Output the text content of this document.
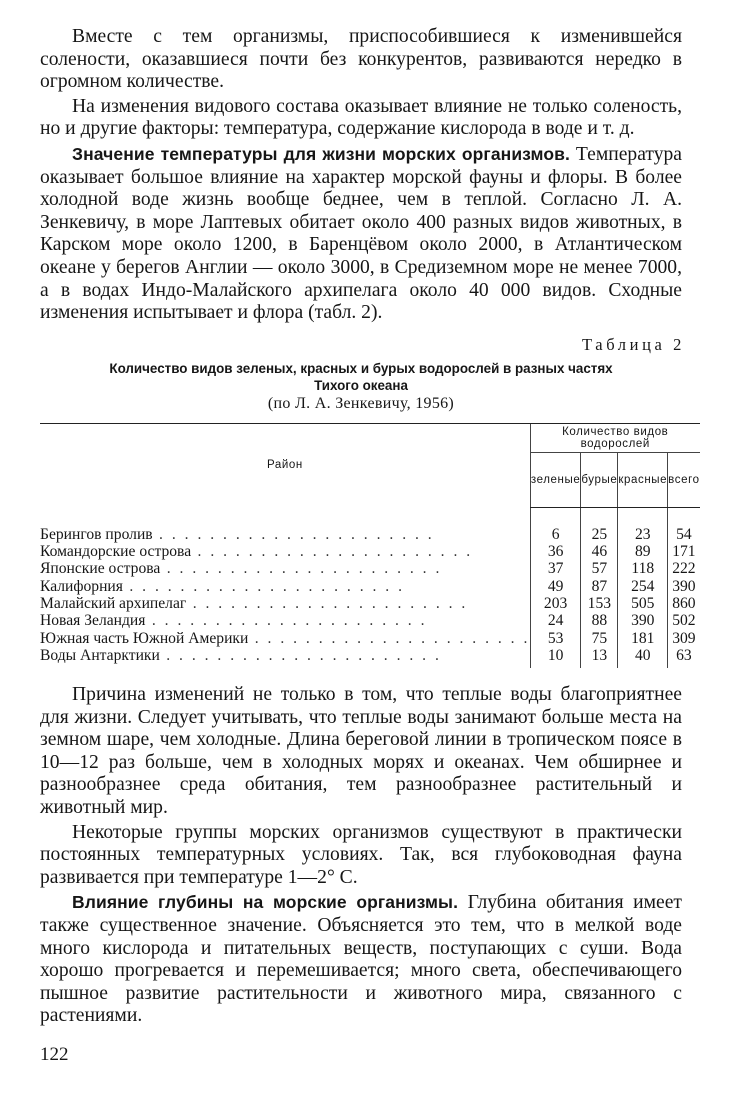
Вместе с тем организмы, приспособившиеся к изменившейся солености, оказавшиеся почти без конкурентов, развиваются нередко в огромном количестве.

На изменения видового состава оказывает влияние не только соленость, но и другие факторы: температура, содержание кислорода в воде и т. д.

Значение температуры для жизни морских организмов. Температура оказывает большое влияние на характер морской фауны и флоры. В более холодной воде жизнь вообще беднее, чем в теплой. Согласно Л. А. Зенкевичу, в море Лаптевых обитает около 400 разных видов животных, в Карском море около 1200, в Баренцёвом около 2000, в Атлантическом океане у берегов Англии — около 3000, в Средиземном море не менее 7000, а в водах Индо-Малайского архипелага около 40 000 видов. Сходные изменения испытывает и флора (табл. 2).

Таблица 2
Количество видов зеленых, красных и бурых водорослей в разных частях
Тихого океана
(по Л. А. Зенкевичу, 1956)
Район	Количество видов водорослей			
	зеленые	бурые	красные	всего
Берингов пролив . . . . . . . . . . . . . . . . . . . . . .	6	25	23	54
Командорские острова . . . . . . . . . . . . . . . . . . . . . .	36	46	89	171
Японские острова . . . . . . . . . . . . . . . . . . . . . .	37	57	118	222
Калифорния . . . . . . . . . . . . . . . . . . . . . .	49	87	254	390
Малайский архипелаг . . . . . . . . . . . . . . . . . . . . . .	203	153	505	860
Новая Зеландия . . . . . . . . . . . . . . . . . . . . . .	24	88	390	502
Южная часть Южной Америки . . . . . . . . . . . . . . . . . . . . . .	53	75	181	309
Воды Антарктики . . . . . . . . . . . . . . . . . . . . . .	10	13	40	63

Причина изменений не только в том, что теплые воды благоприятнее для жизни. Следует учитывать, что теплые воды занимают больше места на земном шаре, чем холодные. Длина береговой линии в тропическом поясе в 10—12 раз больше, чем в холодных морях и океанах. Чем обширнее и разнообразнее среда обитания, тем разнообразнее растительный и животный мир.

Некоторые группы морских организмов существуют в практически постоянных температурных условиях. Так, вся глубоководная фауна развивается при температуре 1—2° С.

Влияние глубины на морские организмы. Глубина обитания имеет также существенное значение. Объясняется это тем, что в мелкой воде много кислорода и питательных веществ, поступающих с суши. Вода хорошо прогревается и перемешивается; много света, обеспечивающего пышное развитие растительности и животного мира, связанного с растениями.

122
